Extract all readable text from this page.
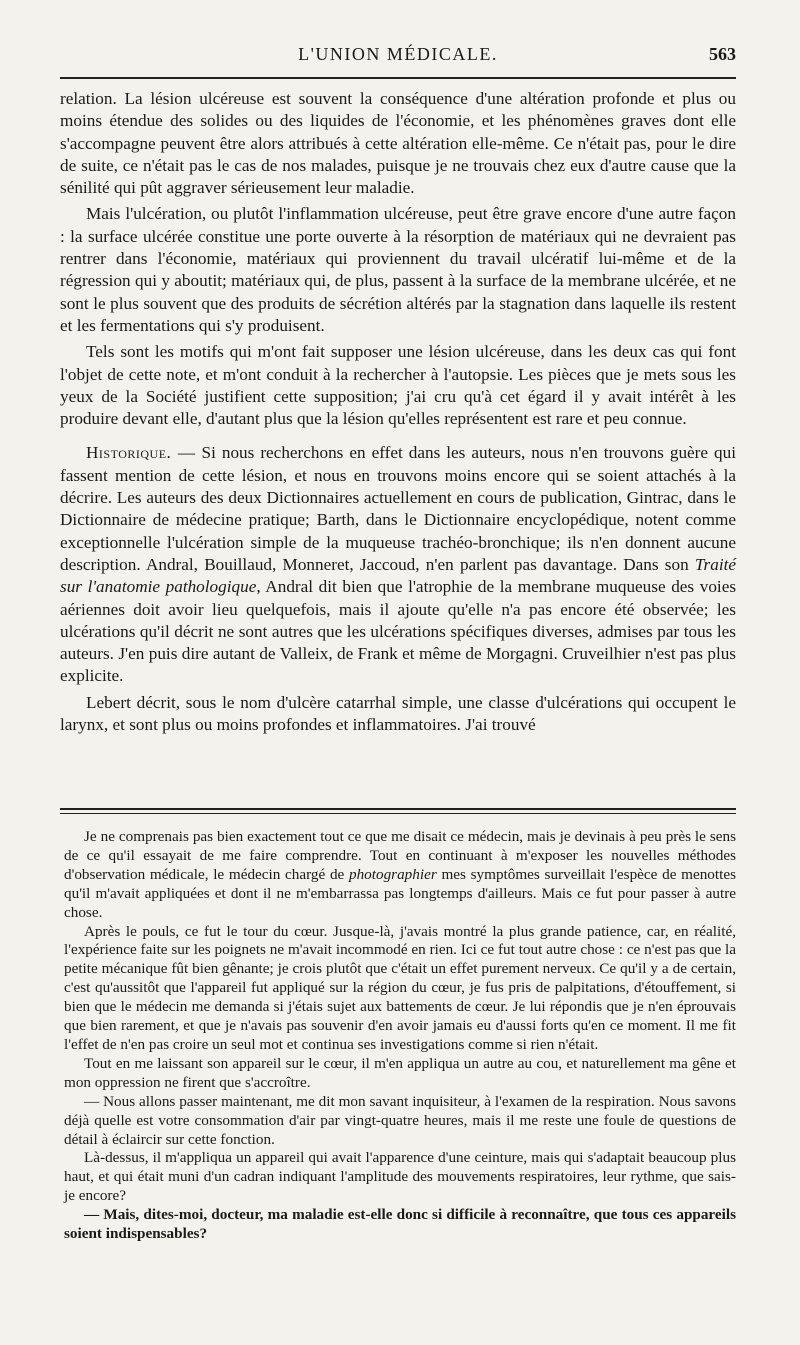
L'UNION MÉDICALE.	563

relation. La lésion ulcéreuse est souvent la conséquence d'une altération profonde et plus ou moins étendue des solides ou des liquides de l'économie, et les phénomènes graves dont elle s'accompagne peuvent être alors attribués à cette altération elle-même. Ce n'était pas, pour le dire de suite, ce n'était pas le cas de nos malades, puisque je ne trouvais chez eux d'autre cause que la sénilité qui pût aggraver sérieusement leur maladie.

Mais l'ulcération, ou plutôt l'inflammation ulcéreuse, peut être grave encore d'une autre façon : la surface ulcérée constitue une porte ouverte à la résorption de matériaux qui ne devraient pas rentrer dans l'économie, matériaux qui proviennent du travail ulcératif lui-même et de la régression qui y aboutit; matériaux qui, de plus, passent à la surface de la membrane ulcérée, et ne sont le plus souvent que des produits de sécrétion altérés par la stagnation dans laquelle ils restent et les fermentations qui s'y produisent.

Tels sont les motifs qui m'ont fait supposer une lésion ulcéreuse, dans les deux cas qui font l'objet de cette note, et m'ont conduit à la rechercher à l'autopsie. Les pièces que je mets sous les yeux de la Société justifient cette supposition; j'ai cru qu'à cet égard il y avait intérêt à les produire devant elle, d'autant plus que la lésion qu'elles représentent est rare et peu connue.

Historique. — Si nous recherchons en effet dans les auteurs, nous n'en trouvons guère qui fassent mention de cette lésion, et nous en trouvons moins encore qui se soient attachés à la décrire. Les auteurs des deux Dictionnaires actuellement en cours de publication, Gintrac, dans le Dictionnaire de médecine pratique; Barth, dans le Dictionnaire encyclopédique, notent comme exceptionnelle l'ulcération simple de la muqueuse trachéo-bronchique; ils n'en donnent aucune description. Andral, Bouillaud, Monneret, Jaccoud, n'en parlent pas davantage. Dans son Traité sur l'anatomie pathologique, Andral dit bien que l'atrophie de la membrane muqueuse des voies aériennes doit avoir lieu quelquefois, mais il ajoute qu'elle n'a pas encore été observée; les ulcérations qu'il décrit ne sont autres que les ulcérations spécifiques diverses, admises par tous les auteurs. J'en puis dire autant de Valleix, de Frank et même de Morgagni. Cruveilhier n'est pas plus explicite.

Lebert décrit, sous le nom d'ulcère catarrhal simple, une classe d'ulcérations qui occupent le larynx, et sont plus ou moins profondes et inflammatoires. J'ai trouvé

Je ne comprenais pas bien exactement tout ce que me disait ce médecin, mais je devinais à peu près le sens de ce qu'il essayait de me faire comprendre. Tout en continuant à m'exposer les nouvelles méthodes d'observation médicale, le médecin chargé de photographier mes symptômes surveillait l'espèce de menottes qu'il m'avait appliquées et dont il ne m'embarrassa pas longtemps d'ailleurs. Mais ce fut pour passer à autre chose.

Après le pouls, ce fut le tour du cœur. Jusque-là, j'avais montré la plus grande patience, car, en réalité, l'expérience faite sur les poignets ne m'avait incommodé en rien. Ici ce fut tout autre chose : ce n'est pas que la petite mécanique fût bien gênante; je crois plutôt que c'était un effet purement nerveux. Ce qu'il y a de certain, c'est qu'aussitôt que l'appareil fut appliqué sur la région du cœur, je fus pris de palpitations, d'étouffement, si bien que le médecin me demanda si j'étais sujet aux battements de cœur. Je lui répondis que je n'en éprouvais que bien rarement, et que je n'avais pas souvenir d'en avoir jamais eu d'aussi forts qu'en ce moment. Il me fit l'effet de n'en pas croire un seul mot et continua ses investigations comme si rien n'était.

Tout en me laissant son appareil sur le cœur, il m'en appliqua un autre au cou, et naturellement ma gêne et mon oppression ne firent que s'accroître.

— Nous allons passer maintenant, me dit mon savant inquisiteur, à l'examen de la respiration. Nous savons déjà quelle est votre consommation d'air par vingt-quatre heures, mais il me reste une foule de questions de détail à éclaircir sur cette fonction.

Là-dessus, il m'appliqua un appareil qui avait l'apparence d'une ceinture, mais qui s'adaptait beaucoup plus haut, et qui était muni d'un cadran indiquant l'amplitude des mouvements respiratoires, leur rythme, que sais-je encore?

— Mais, dites-moi, docteur, ma maladie est-elle donc si difficile à reconnaître, que tous ces appareils soient indispensables?
